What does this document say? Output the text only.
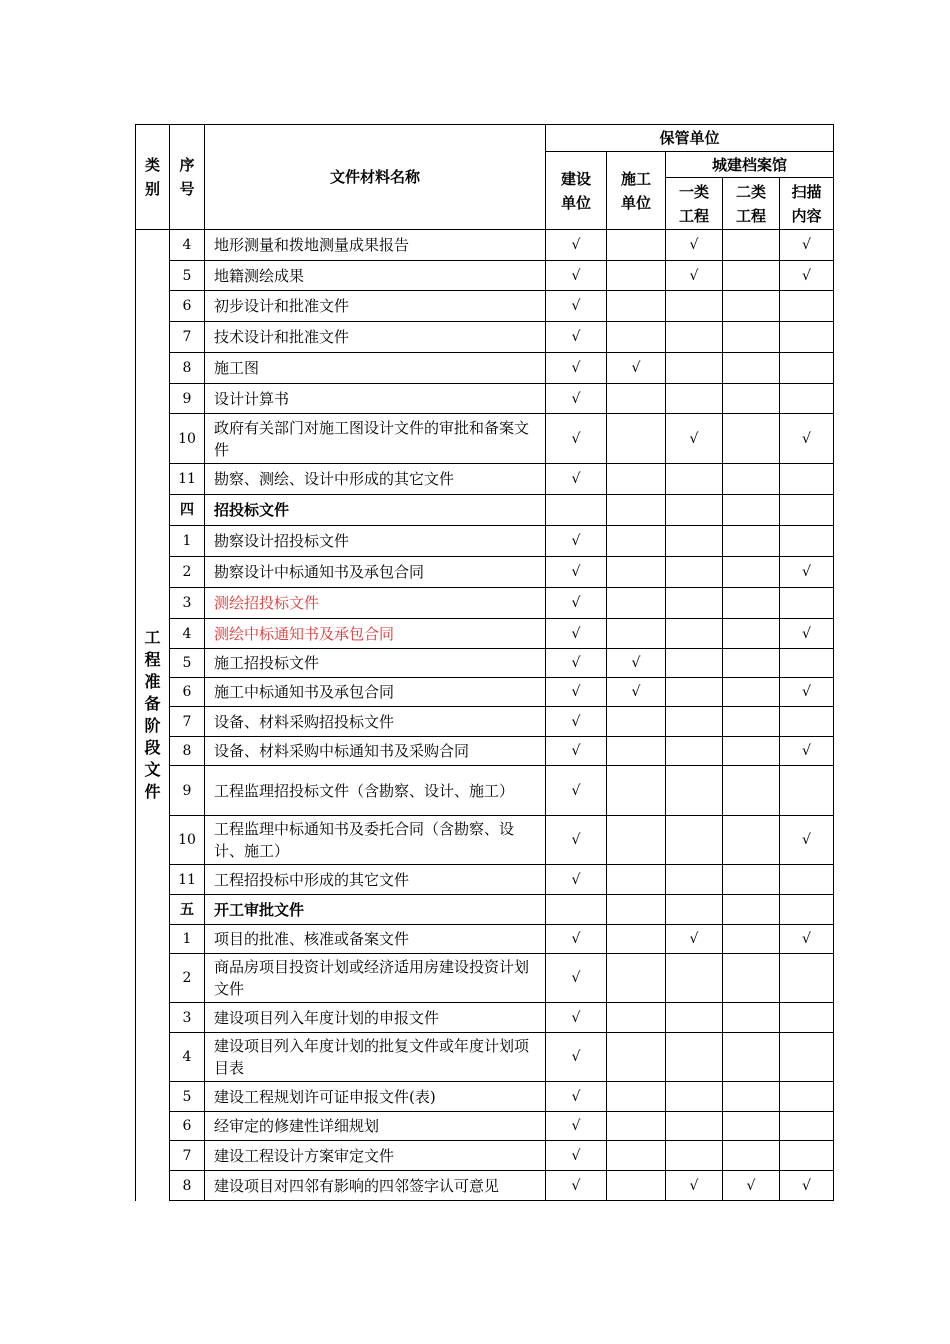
类别	序号	文件材料名称	保管单位				
			建设单位	施工单位	城建档案馆		
					一类工程	二类工程	扫描内容
工程准备阶段文件	4	地形测量和拨地测量成果报告	√		√		√
	5	地籍测绘成果	√		√		√
	6	初步设计和批准文件	√				
	7	技术设计和批准文件	√				
	8	施工图	√	√			
	9	设计计算书	√				
	10	政府有关部门对施工图设计文件的审批和备案文件	√		√		√
	11	勘察、测绘、设计中形成的其它文件	√				
	四	招投标文件					
	1	勘察设计招投标文件	√				
	2	勘察设计中标通知书及承包合同	√				√
	3	测绘招投标文件	√				
	4	测绘中标通知书及承包合同	√				√
	5	施工招投标文件	√	√			
	6	施工中标通知书及承包合同	√	√			√
	7	设备、材料采购招投标文件	√				
	8	设备、材料采购中标通知书及采购合同	√				√
	9	工程监理招投标文件（含勘察、设计、施工）	√				
	10	工程监理中标通知书及委托合同（含勘察、设计、施工）	√				√
	11	工程招投标中形成的其它文件	√				
	五	开工审批文件					
	1	项目的批准、核准或备案文件	√		√		√
	2	商品房项目投资计划或经济适用房建设投资计划文件	√				
	3	建设项目列入年度计划的申报文件	√				
	4	建设项目列入年度计划的批复文件或年度计划项目表	√				
	5	建设工程规划许可证申报文件(表)	√				
	6	经审定的修建性详细规划	√				
	7	建设工程设计方案审定文件	√				
	8	建设项目对四邻有影响的四邻签字认可意见	√		√	√	√
